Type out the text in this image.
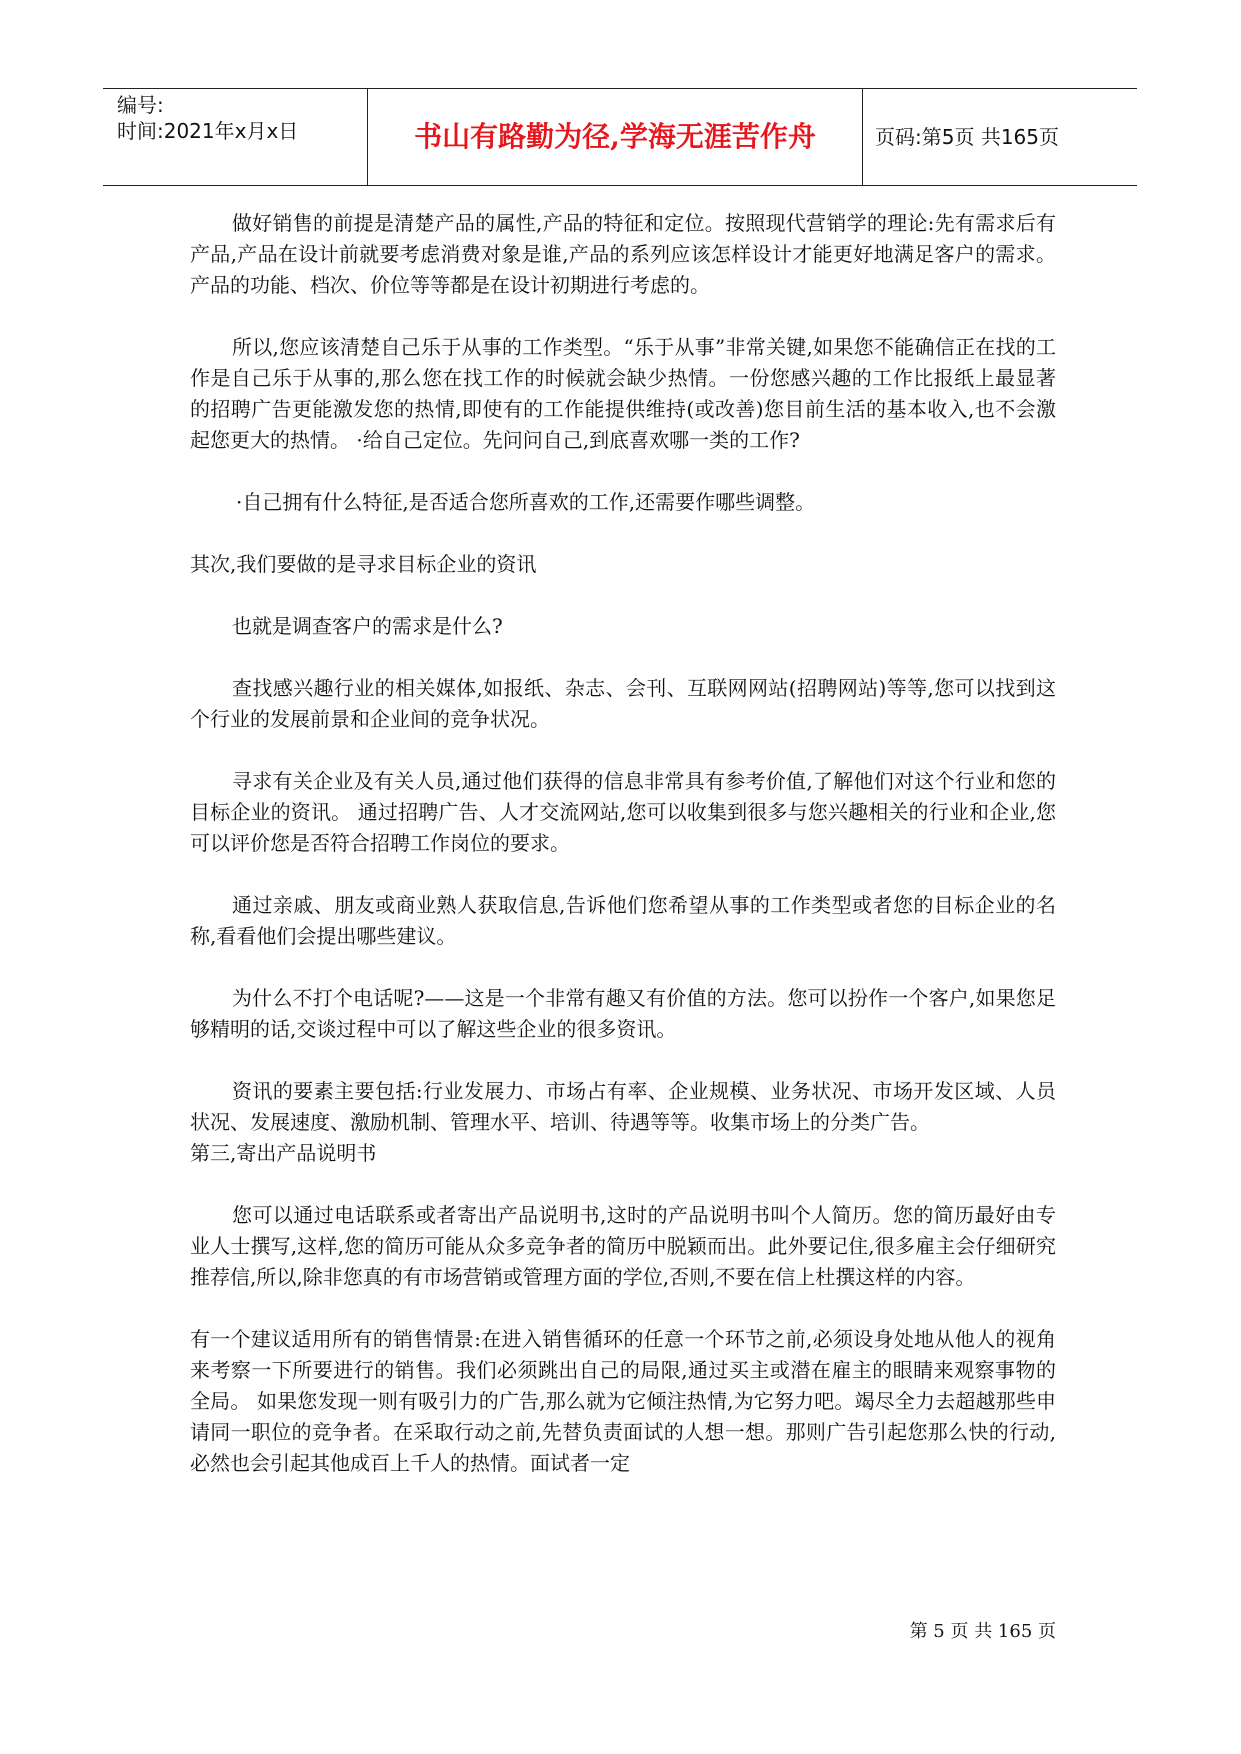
编号:
时间:2021年x月x日	书山有路勤为径,学海无涯苦作舟	页码:第5页 共165页

做好销售的前提是清楚产品的属性,产品的特征和定位。按照现代营销学的理论:先有需求后有产品,产品在设计前就要考虑消费对象是谁,产品的系列应该怎样设计才能更好地满足客户的需求。产品的功能、档次、价位等等都是在设计初期进行考虑的。

所以,您应该清楚自己乐于从事的工作类型。“乐于从事”非常关键,如果您不能确信正在找的工作是自己乐于从事的,那么您在找工作的时候就会缺少热情。一份您感兴趣的工作比报纸上最显著的招聘广告更能激发您的热情,即使有的工作能提供维持(或改善)您目前生活的基本收入,也不会激起您更大的热情。 ·给自己定位。先问问自己,到底喜欢哪一类的工作?

·自己拥有什么特征,是否适合您所喜欢的工作,还需要作哪些调整。

其次,我们要做的是寻求目标企业的资讯

也就是调查客户的需求是什么?

查找感兴趣行业的相关媒体,如报纸、杂志、会刊、互联网网站(招聘网站)等等,您可以找到这个行业的发展前景和企业间的竞争状况。

寻求有关企业及有关人员,通过他们获得的信息非常具有参考价值,了解他们对这个行业和您的目标企业的资讯。 通过招聘广告、人才交流网站,您可以收集到很多与您兴趣相关的行业和企业,您可以评价您是否符合招聘工作岗位的要求。

通过亲戚、朋友或商业熟人获取信息,告诉他们您希望从事的工作类型或者您的目标企业的名称,看看他们会提出哪些建议。

为什么不打个电话呢?——这是一个非常有趣又有价值的方法。您可以扮作一个客户,如果您足够精明的话,交谈过程中可以了解这些企业的很多资讯。

资讯的要素主要包括:行业发展力、市场占有率、企业规模、业务状况、市场开发区域、人员状况、发展速度、激励机制、管理水平、培训、待遇等等。收集市场上的分类广告。

第三,寄出产品说明书

您可以通过电话联系或者寄出产品说明书,这时的产品说明书叫个人简历。您的简历最好由专业人士撰写,这样,您的简历可能从众多竞争者的简历中脱颖而出。此外要记住,很多雇主会仔细研究推荐信,所以,除非您真的有市场营销或管理方面的学位,否则,不要在信上杜撰这样的内容。

有一个建议适用所有的销售情景:在进入销售循环的任意一个环节之前,必须设身处地从他人的视角来考察一下所要进行的销售。我们必须跳出自己的局限,通过买主或潜在雇主的眼睛来观察事物的全局。 如果您发现一则有吸引力的广告,那么就为它倾注热情,为它努力吧。竭尽全力去超越那些申请同一职位的竞争者。在采取行动之前,先替负责面试的人想一想。那则广告引起您那么快的行动,必然也会引起其他成百上千人的热情。面试者一定

第 5 页 共 165 页
